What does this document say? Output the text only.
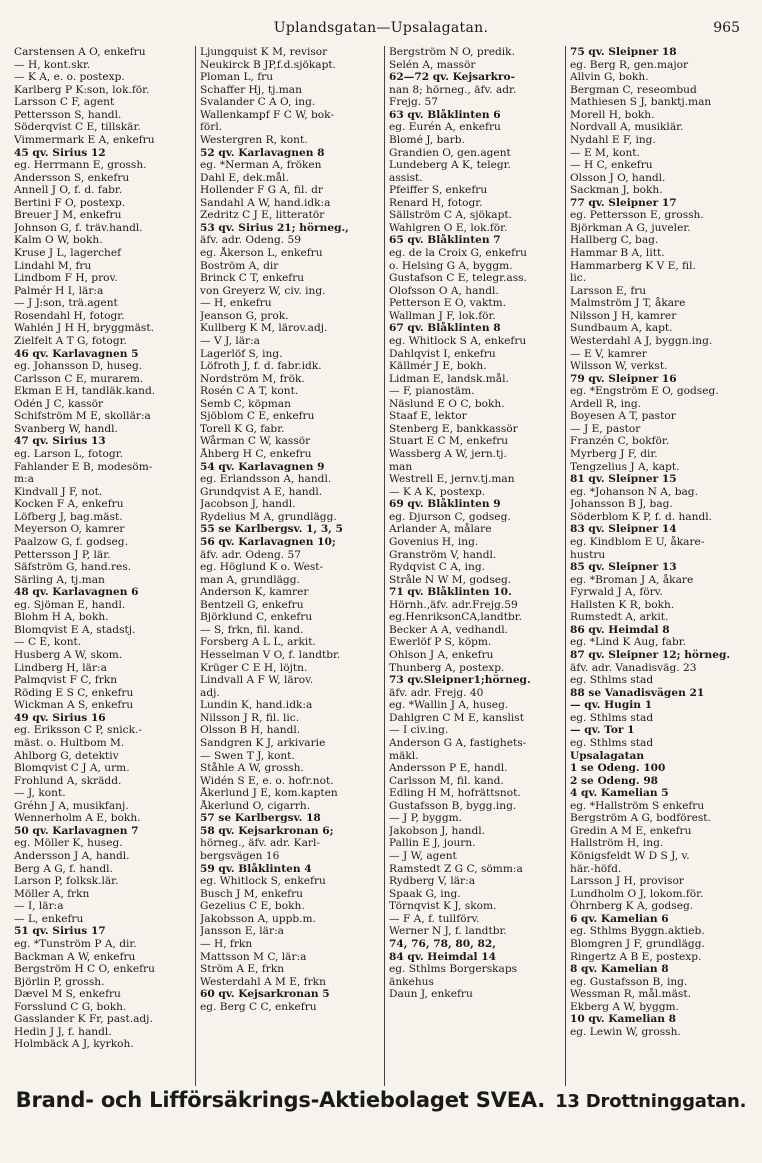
Uplandsgatan—Upsalagatan.	965
Carstensen A O, enkefru
— H, kont.skr.
— K A, e. o. postexp.
Karlberg P K:son, lok.för.
Larsson C F, agent
Pettersson S, handl.
Söderqvist C E, tillskär.
Vimmermark E A, enkefru
45 qv. Sirius 12
eg. Herrmann E, grossh.
Andersson S, enkefru
Annell J O, f. d. fabr.
Bertini F O, postexp.
Breuer J M, enkefru
Johnson G, f. träv.handl.
Kalm O W, bokh.
Kruse J L, lagerchef
Lindahl M, fru
Lindbom F H, prov.
Palmér H I, lär:a
— J J:son, trä.agent
Rosendahl H, fotogr.
Wahlén J H H, bryggmäst.
Zielfelt A T G, fotogr.
46 qv. Karlavagnen 5
eg. Johansson D, huseg.
Carlsson C E, murarem.
Ekman E H, tandläk.kand.
Odén J C, kassör
Schifström M E, skollär:a
Svanberg W, handl.
47 qv. Sirius 13
eg. Larson L, fotogr.
Fahlander E B, modesöm-
m:a
Kindvall J F, not.
Kocken F A, enkefru
Löfberg J, bag.mäst.
Meyerson O, kamrer
Paalzow G, f. godseg.
Pettersson J P, lär.
Säfström G, hand.res.
Särling A, tj.man
48 qv. Karlavagnen 6
eg. Sjöman E, handl.
Blohm H A, bokh.
Blomqvist E A, stadstj.
— C E, kont.
Husberg A W, skom.
Lindberg H, lär:a
Palmqvist F C, frkn
Röding E S C, enkefru
Wickman A S, enkefru
49 qv. Sirius 16
eg. Eriksson C P, snick.-
mäst. o. Hultbom M.
Ahlborg G, detektiv
Blomqvist C J A, urm.
Frohlund A, skrädd.
— J, kont.
Gréhn J A, musikfanj.
Wennerholm A E, bokh.
50 qv. Karlavagnen 7
eg. Möller K, huseg.
Andersson J A, handl.
Berg A G, f. handl.
Larson P, folksk.lär.
Möller A, frkn
— I, lär:a
— L, enkefru
51 qv. Sirius 17
eg. *Tunström P A, dir.
Backman A W, enkefru
Bergström H C O, enkefru
Björlin P, grossh.
Dævel M S, enkefru
Forsslund C G, bokh.
Gasslander K Fr, past.adj.
Hedin J J, f. handl.
Holmbäck A J, kyrkoh.
Ljungquist K M, revisor
Neukirck B JP,f.d.sjökapt.
Ploman L, fru
Schaffer Hj, tj.man
Svalander C A O, ing.
Wallenkampf F C W, bok-
förl.
Westergren R, kont.
52 qv. Karlavagnen 8
eg. *Nerman A, fröken
Dahl E, dek.mål.
Hollender F G A, fil. dr
Sandahl A W, hand.idk:a
Zedritz C J E, litteratör
53 qv. Sirius 21; hörneg.,
äfv. adr. Odeng. 59
eg. Åkerson L, enkefru
Boström A, dir
Brinck C T, enkefru
von Greyerz W, civ. ing.
— H, enkefru
Jeanson G, prok.
Kullberg K M, lärov.adj.
— V J, lär:a
Lagerlöf S, ing.
Löfroth J, f. d. fabr.idk.
Nordström M, frök.
Rosén C A T, kont.
Semb C, köpman
Sjöblom C E, enkefru
Torell K G, fabr.
Wårman C W, kassör
Åhberg H C, enkefru
54 qv. Karlavagnen 9
eg. Erlandsson A, handl.
Grundqvist A E, handl.
Jacobson J, handl.
Rydelius M A, grundlägg.
55 se Karlbergsv. 1, 3, 5
56 qv. Karlavagnen 10;
äfv. adr. Odeng. 57
eg. Höglund K o. West-
man A, grundlägg.
Anderson K, kamrer
Bentzell G, enkefru
Björklund C, enkefru
— S, frkn, fil. kand.
Forsberg A L L, arkit.
Hesselman V O, f. landtbr.
Krüger C E H, löjtn.
Lindvall A F W, lärov.
adj.
Lundin K, hand.idk:a
Nilsson J R, fil. lic.
Olsson B H, handl.
Sandgren K J, arkivarie
— Swen T J, kont.
Ståhle A W, grossh.
Widén S E, e. o. hofr.not.
Åkerlund J E, kom.kapten
Åkerlund O, cigarrh.
57 se Karlbergsv. 18
58 qv. Kejsarkronan 6;
hörneg., äfv. adr. Karl-
bergsvägen 16
59 qv. Blåklinten 4
eg. Whitlock S, enkefru
Busch J M, enkefru
Gezelius C E, bokh.
Jakobsson A, uppb.m.
Jansson E, lär:a
— H, frkn
Mattsson M C, lär:a
Ström A E, frkn
Westerdahl A M E, frkn
60 qv. Kejsarkronan 5
eg. Berg C C, enkefru
Bergström N O, predik.
Selén A, massör
62—72 qv. Kejsarkro-
nan 8; hörneg., äfv. adr.
Frejg. 57
63 qv. Blåklinten 6
eg. Eurén A, enkefru
Blomé J, barb.
Grandien O, gen.agent
Lundeberg A K, telegr.
assist.
Pfeiffer S, enkefru
Renard H, fotogr.
Sällström C A, sjökapt.
Wahlgren O E, lok.för.
65 qv. Blåklinten 7
eg. de la Croix G, enkefru
o. Helsing G A, byggm.
Gustafson C E, telegr.ass.
Olofsson O A, handl.
Petterson E O, vaktm.
Wallman J F, lok.för.
67 qv. Blåklinten 8
eg. Whitlock S A, enkefru
Dahlqvist I, enkefru
Källmér J E, bokh.
Lidman E, landsk.mål.
— F, pianostäm.
Näslund E O C, bokh.
Staaf E, lektor
Stenberg E, bankkassör
Stuart E C M, enkefru
Wassberg A W, jern.tj.
man
Westrell E, jernv.tj.man
— K A K, postexp.
69 qv. Blåklinten 9
eg. Djurson C, godseg.
Arlander A, målare
Govenius H, ing.
Granström V, handl.
Rydqvist C A, ing.
Stråle N W M, godseg.
71 qv. Blåklinten 10.
Hörnh.,äfv. adr.Frejg.59
eg.HenriksonCA,landtbr.
Becker A A, vedhandl.
Ewerlöf P S, köpm.
Ohlson J A, enkefru
Thunberg A, postexp.
73 qv.Sleipner1;hörneg.
äfv. adr. Frejg. 40
eg. *Wallin J A, huseg.
Dahlgren C M E, kanslist
— I civ.ing.
Anderson G A, fastighets-
mäkl.
Andersson P E, handl.
Carlsson M, fil. kand.
Edling H M, hofrättsnot.
Gustafsson B, bygg.ing.
— J P, byggm.
Jakobson J, handl.
Pallin E J, journ.
— J W, agent
Ramstedt Z G C, sömm:a
Rydberg V, lär:a
Spaak G, ing.
Törnqvist K J, skom.
— F A, f. tullförv.
Werner N J, f. landtbr.
74, 76, 78, 80, 82,
84 qv. Heimdal 14
eg. Sthlms Borgerskaps
änkehus
Daun J, enkefru
75 qv. Sleipner 18
eg. Berg R, gen.major
Allvin G, bokh.
Bergman C, reseombud
Mathiesen S J, banktj.man
Morell H, bokh.
Nordvall A, musiklär.
Nydahl E F, ing.
— E M, kont.
— H C, enkefru
Olsson J O, handl.
Sackman J, bokh.
77 qv. Sleipner 17
eg. Pettersson E, grossh.
Björkman A G, juveler.
Hallberg C, bag.
Hammar B A, litt.
Hammarberg K V E, fil.
lic.
Larsson E, fru
Malmström J T, åkare
Nilsson J H, kamrer
Sundbaum A, kapt.
Westerdahl A J, byggn.ing.
— E V, kamrer
Wilsson W, verkst.
79 qv. Sleipner 16
eg. *Engström E O, godseg.
Ardell R, ing.
Boyesen A T, pastor
— J E, pastor
Franzén C, bokför.
Myrberg J F, dir.
Tengzelius J A, kapt.
81 qv. Sleipner 15
eg. *Johanson N A, bag.
Johansson B J, bag.
Söderblom K P, f. d. handl.
83 qv. Sleipner 14
eg. Kindblom E U, åkare-
hustru
85 qv. Sleipner 13
eg. *Broman J A, åkare
Fyrwald J A, förv.
Hallsten K R, bokh.
Rumstedt A, arkit.
86 qv. Heimdal 8
eg. *Lind K Aug, fabr.
87 qv. Sleipner 12; hörneg.
äfv. adr. Vanadisväg. 23
eg. Sthlms stad
88 se Vanadisvägen 21
— qv. Hugin 1
eg. Sthlms stad
— qv. Tor 1
eg. Sthlms stad
Upsalagatan
1 se Odeng. 100
2 se Odeng. 98
4 qv. Kamelian 5
eg. *Hallström S enkefru
Bergström A G, bodförest.
Gredin A M E, enkefru
Hallström H, ing.
Königsfeldt W D S J, v.
här.-höfd.
Larsson J H, provisor
Lundholm O J, lokom.för.
Öhrnberg K A, godseg.
6 qv. Kamelian 6
eg. Sthlms Byggn.aktieb.
Blomgren J F, grundlägg.
Ringertz A B E, postexp.
8 qv. Kamelian 8
eg. Gustafsson B, ing.
Wessman R, mål.mäst.
Ekberg A W, byggm.
10 qv. Kamelian 8
eg. Lewin W, grossh.
Brand- och Lifförsäkrings-Aktiebolaget SVEA. 13 Drottninggatan.
